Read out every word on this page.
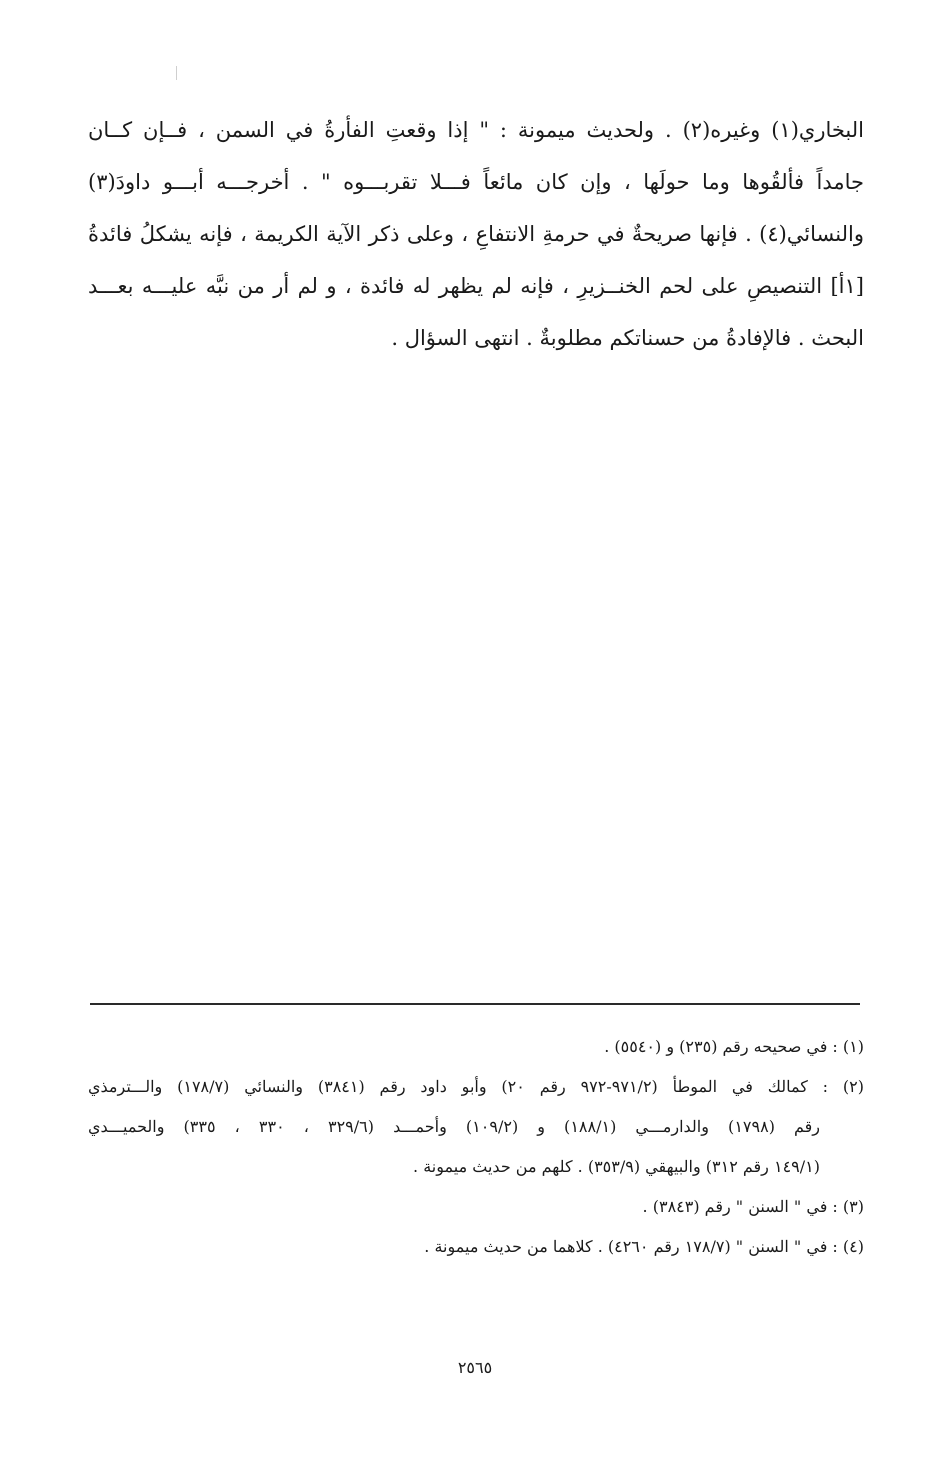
البخاري(١) وغيره(٢) . ولحديث ميمونة : " إذا وقعتِ الفأرةُ في السمن ، فــإن كــان
جامداً فألقُوها وما حولَها ، وإن كان مائعاً فـــلا تقربـــوه " . أخرجـــه أبـــو داودَ(٣)
والنسائي(٤) . فإنها صريحةٌ في حرمةِ الانتفاعِ ، وعلى ذكر الآية الكريمة ، فإنه يشكلُ فائدةُ
[١أ] التنصيصِ على لحم الخنــزيرِ ، فإنه لم يظهر له فائدة ، و لم أر من نبَّه عليـــه بعـــد
البحث . فالإفادةُ من حسناتكم مطلوبةٌ . انتهى السؤال .
(١) : في صحيحه رقم (٢٣٥) و (٥٥٤٠) .
(٢) : كمالك في الموطأ (٩٧١/٢-٩٧٢ رقم ٢٠) وأبو داود رقم (٣٨٤١) والنسائي (١٧٨/٧) والـــترمذي
رقم (١٧٩٨) والدارمـــي (١٨٨/١) و (١٠٩/٢) وأحمـــد (٣٢٩/٦ ، ٣٣٠ ، ٣٣٥) والحميـــدي
(١٤٩/١ رقم ٣١٢) والبيهقي (٣٥٣/٩) . كلهم من حديث ميمونة .
(٣) : في " السنن " رقم (٣٨٤٣) .
(٤) : في " السنن " (١٧٨/٧ رقم ٤٢٦٠) . كلاهما من حديث ميمونة .
٢٥٦٥
